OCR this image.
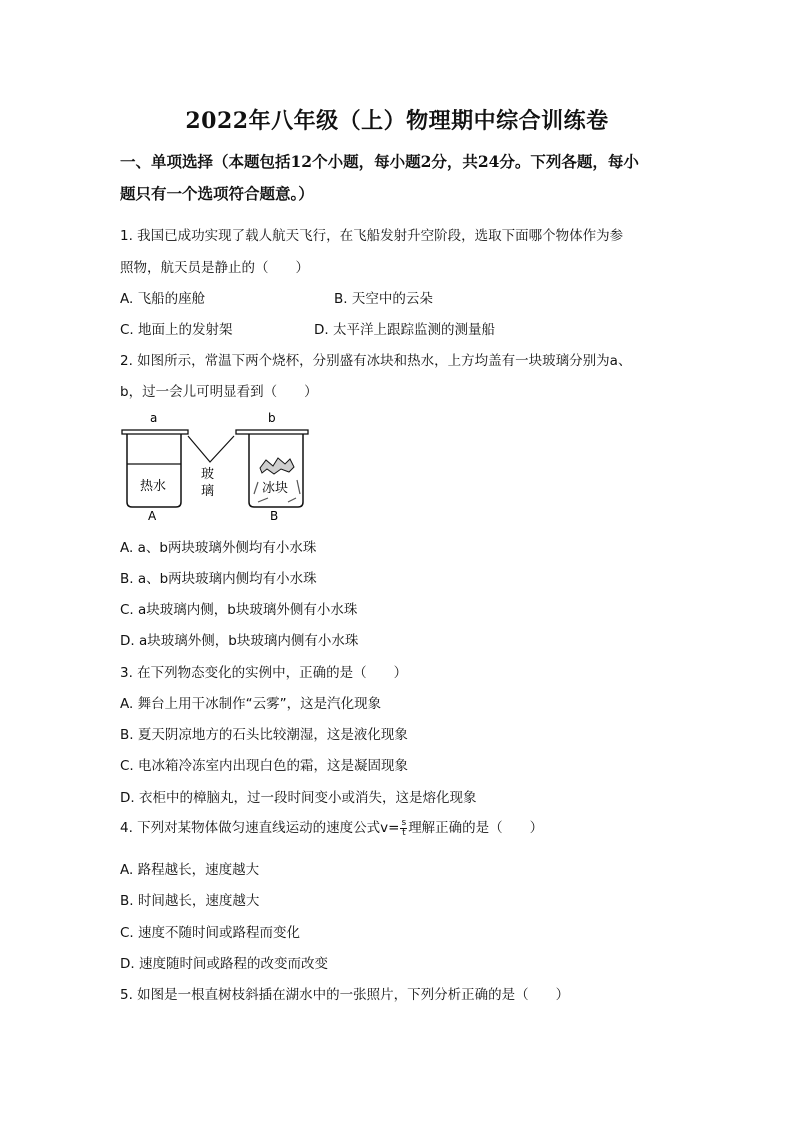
2022年八年级（上）物理期中综合训练卷
一、单项选择（本题包括12个小题，每小题2分，共24分。下列各题，每小
题只有一个选项符合题意。）
1. 我国已成功实现了载人航天飞行，在飞船发射升空阶段，选取下面哪个物体作为参
照物，航天员是静止的（　　）
A. 飞船的座舱	B. 天空中的云朵
C. 地面上的发射架	D. 太平洋上跟踪监测的测量船
2. 如图所示，常温下两个烧杯，分别盛有冰块和热水，上方均盖有一块玻璃分别为a、
b，过一会儿可明显看到（　　）
a	b
热水	冰块
玻
璃
A	B
A. a、b两块玻璃外侧均有小水珠
B. a、b两块玻璃内侧均有小水珠
C. a块玻璃内侧，b块玻璃外侧有小水珠
D. a块玻璃外侧，b块玻璃内侧有小水珠
3. 在下列物态变化的实例中，正确的是（　　）
A. 舞台上用干冰制作“云雾”，这是汽化现象
B. 夏天阴凉地方的石头比较潮湿，这是液化现象
C. 电冰箱冷冻室内出现白色的霜，这是凝固现象
D. 衣柜中的樟脑丸，过一段时间变小或消失，这是熔化现象
4. 下列对某物体做匀速直线运动的速度公式$v= \frac{s}{t}$ 理解正确的是（　　）
A. 路程越长，速度越大
B. 时间越长，速度越大
C. 速度不随时间或路程而变化
D. 速度随时间或路程的改变而改变
5. 如图是一根直树枝斜插在湖水中的一张照片，下列分析正确的是（　　）
